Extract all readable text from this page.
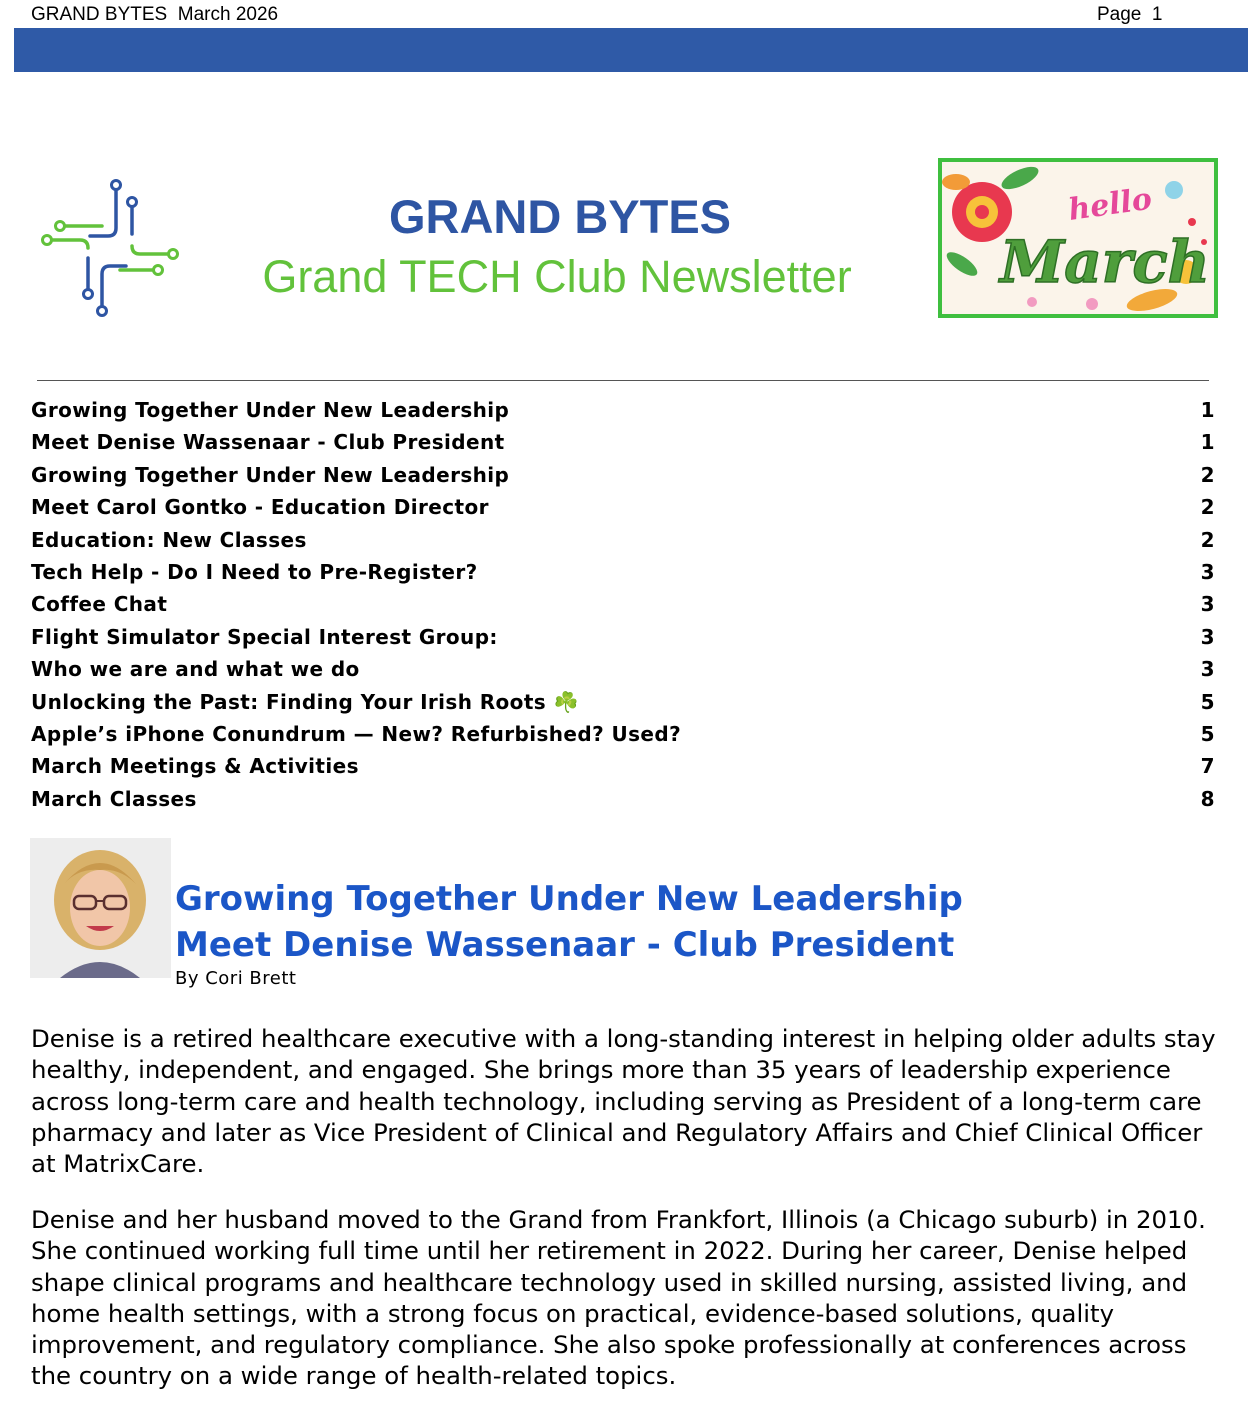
GRAND BYTES  March 2026	Page  1
GRAND BYTES
Grand TECH Club Newsletter
hello
March
Growing Together Under New Leadership	1
Meet Denise Wassenaar - Club President	1
Growing Together Under New Leadership	2
Meet Carol Gontko - Education Director	2
Education: New Classes	2
Tech Help - Do I Need to Pre-Register?	3
Coffee Chat	3
Flight Simulator Special Interest Group:	3
Who we are and what we do	3
Unlocking the Past: Finding Your Irish Roots ☘️	5
Apple’s iPhone Conundrum — New? Refurbished? Used?	5
March Meetings & Activities	7
March Classes	8
Growing Together Under New Leadership
Meet Denise Wassenaar - Club President
By Cori Brett

Denise is a retired healthcare executive with a long-standing interest in helping older adults stay healthy, independent, and engaged. She brings more than 35 years of leadership experience across long-term care and health technology, including serving as President of a long-term care pharmacy and later as Vice President of Clinical and Regulatory Affairs and Chief Clinical Officer at MatrixCare.

Denise and her husband moved to the Grand from Frankfort, Illinois (a Chicago suburb) in 2010. She continued working full time until her retirement in 2022. During her career, Denise helped shape clinical programs and healthcare technology used in skilled nursing, assisted living, and home health settings, with a strong focus on practical, evidence-based solutions, quality improvement, and regulatory compliance. She also spoke professionally at conferences across the country on a wide range of health-related topics.
